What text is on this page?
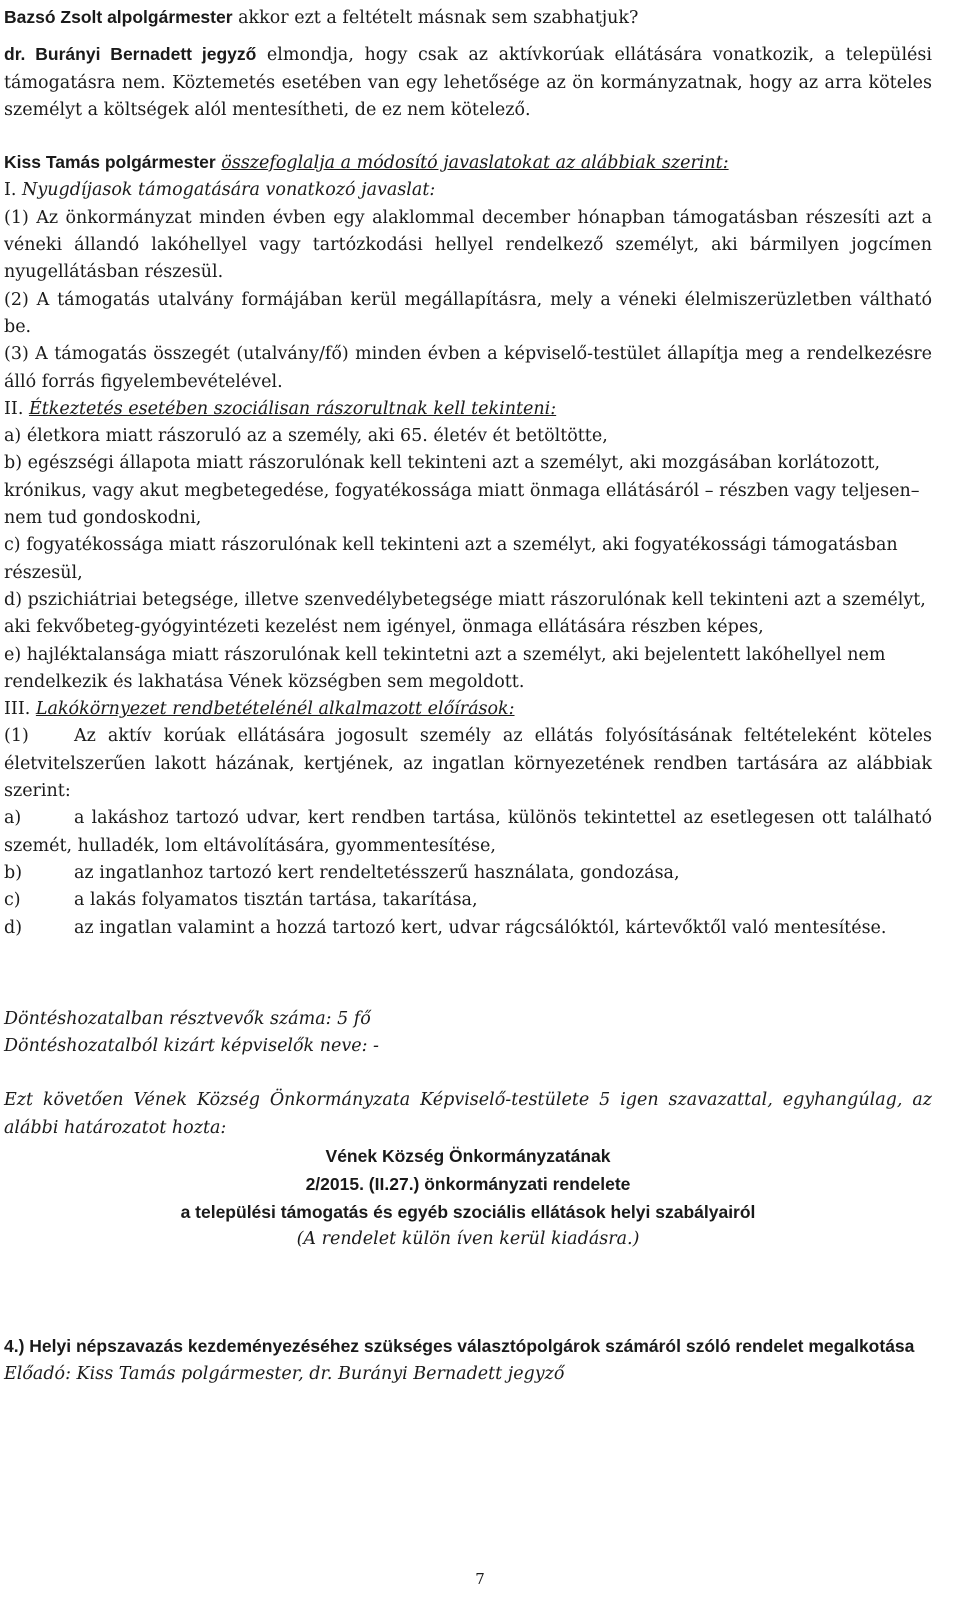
Bazsó Zsolt alpolgármester akkor ezt a feltételt másnak sem szabhatjuk?

dr. Burányi Bernadett jegyző elmondja, hogy csak az aktívkorúak ellátására vonatkozik, a települési támogatásra nem. Köztemetés esetében van egy lehetősége az ön kormányzatnak, hogy az arra köteles személyt a költségek alól mentesítheti, de ez nem kötelező.

Kiss Tamás polgármester összefoglalja a módosító javaslatokat az alábbiak szerint:

I. Nyugdíjasok támogatására vonatkozó javaslat:

(1) Az önkormányzat minden évben egy alaklommal december hónapban támogatásban részesíti azt a véneki állandó lakóhellyel vagy tartózkodási hellyel rendelkező személyt, aki bármilyen jogcímen nyugellátásban részesül.

(2) A támogatás utalvány formájában kerül megállapításra, mely a véneki élelmiszerüzletben váltható be.

(3) A támogatás összegét (utalvány/fő) minden évben a képviselő-testület állapítja meg a rendelkezésre álló forrás figyelembevételével.

II. Étkeztetés esetében szociálisan rászorultnak kell tekinteni:

a) életkora miatt rászoruló az a személy, aki 65. életév ét betöltötte,

b) egészségi állapota miatt rászorulónak kell tekinteni azt a személyt, aki mozgásában korlátozott, krónikus, vagy akut megbetegedése, fogyatékossága miatt önmaga ellátásáról – részben vagy teljesen– nem tud gondoskodni,

c) fogyatékossága miatt rászorulónak kell tekinteni azt a személyt, aki fogyatékossági támogatásban részesül,

d) pszichiátriai betegsége, illetve szenvedélybetegsége miatt rászorulónak kell tekinteni azt a személyt, aki fekvőbeteg-gyógyintézeti kezelést nem igényel, önmaga ellátására részben képes,

e) hajléktalansága miatt rászorulónak kell tekintetni azt a személyt, aki bejelentett lakóhellyel nem rendelkezik és lakhatása Vének községben sem megoldott.

III. Lakókörnyezet rendbetételénél alkalmazott előírások:

(1)	Az aktív korúak ellátására jogosult személy az ellátás folyósításának feltételeként köteles életvitelszerűen lakott házának, kertjének, az ingatlan környezetének rendben tartására az alábbiak szerint:

a)	a lakáshoz tartozó udvar, kert rendben tartása, különös tekintettel az esetlegesen ott található szemét, hulladék, lom eltávolítására, gyommentesítése,

b)	az ingatlanhoz tartozó kert rendeltetésszerű használata, gondozása,

c)	a lakás folyamatos tisztán tartása, takarítása,

d)	az ingatlan valamint a hozzá tartozó kert, udvar rágcsálóktól, kártevőktől való mentesítése.

Döntéshozatalban résztvevők száma: 5 fő

Döntéshozatalból kizárt képviselők neve: -

Ezt követően Vének Község Önkormányzata Képviselő-testülete 5 igen szavazattal, egyhangúlag, az alábbi határozatot hozta:

Vének Község Önkormányzatának

2/2015. (II.27.) önkormányzati rendelete

a települési támogatás és egyéb szociális ellátások helyi szabályairól

(A rendelet külön íven kerül kiadásra.)

4.) Helyi népszavazás kezdeményezéséhez szükséges választópolgárok számáról szóló rendelet megalkotása

Előadó: Kiss Tamás polgármester, dr. Burányi Bernadett jegyző

7
